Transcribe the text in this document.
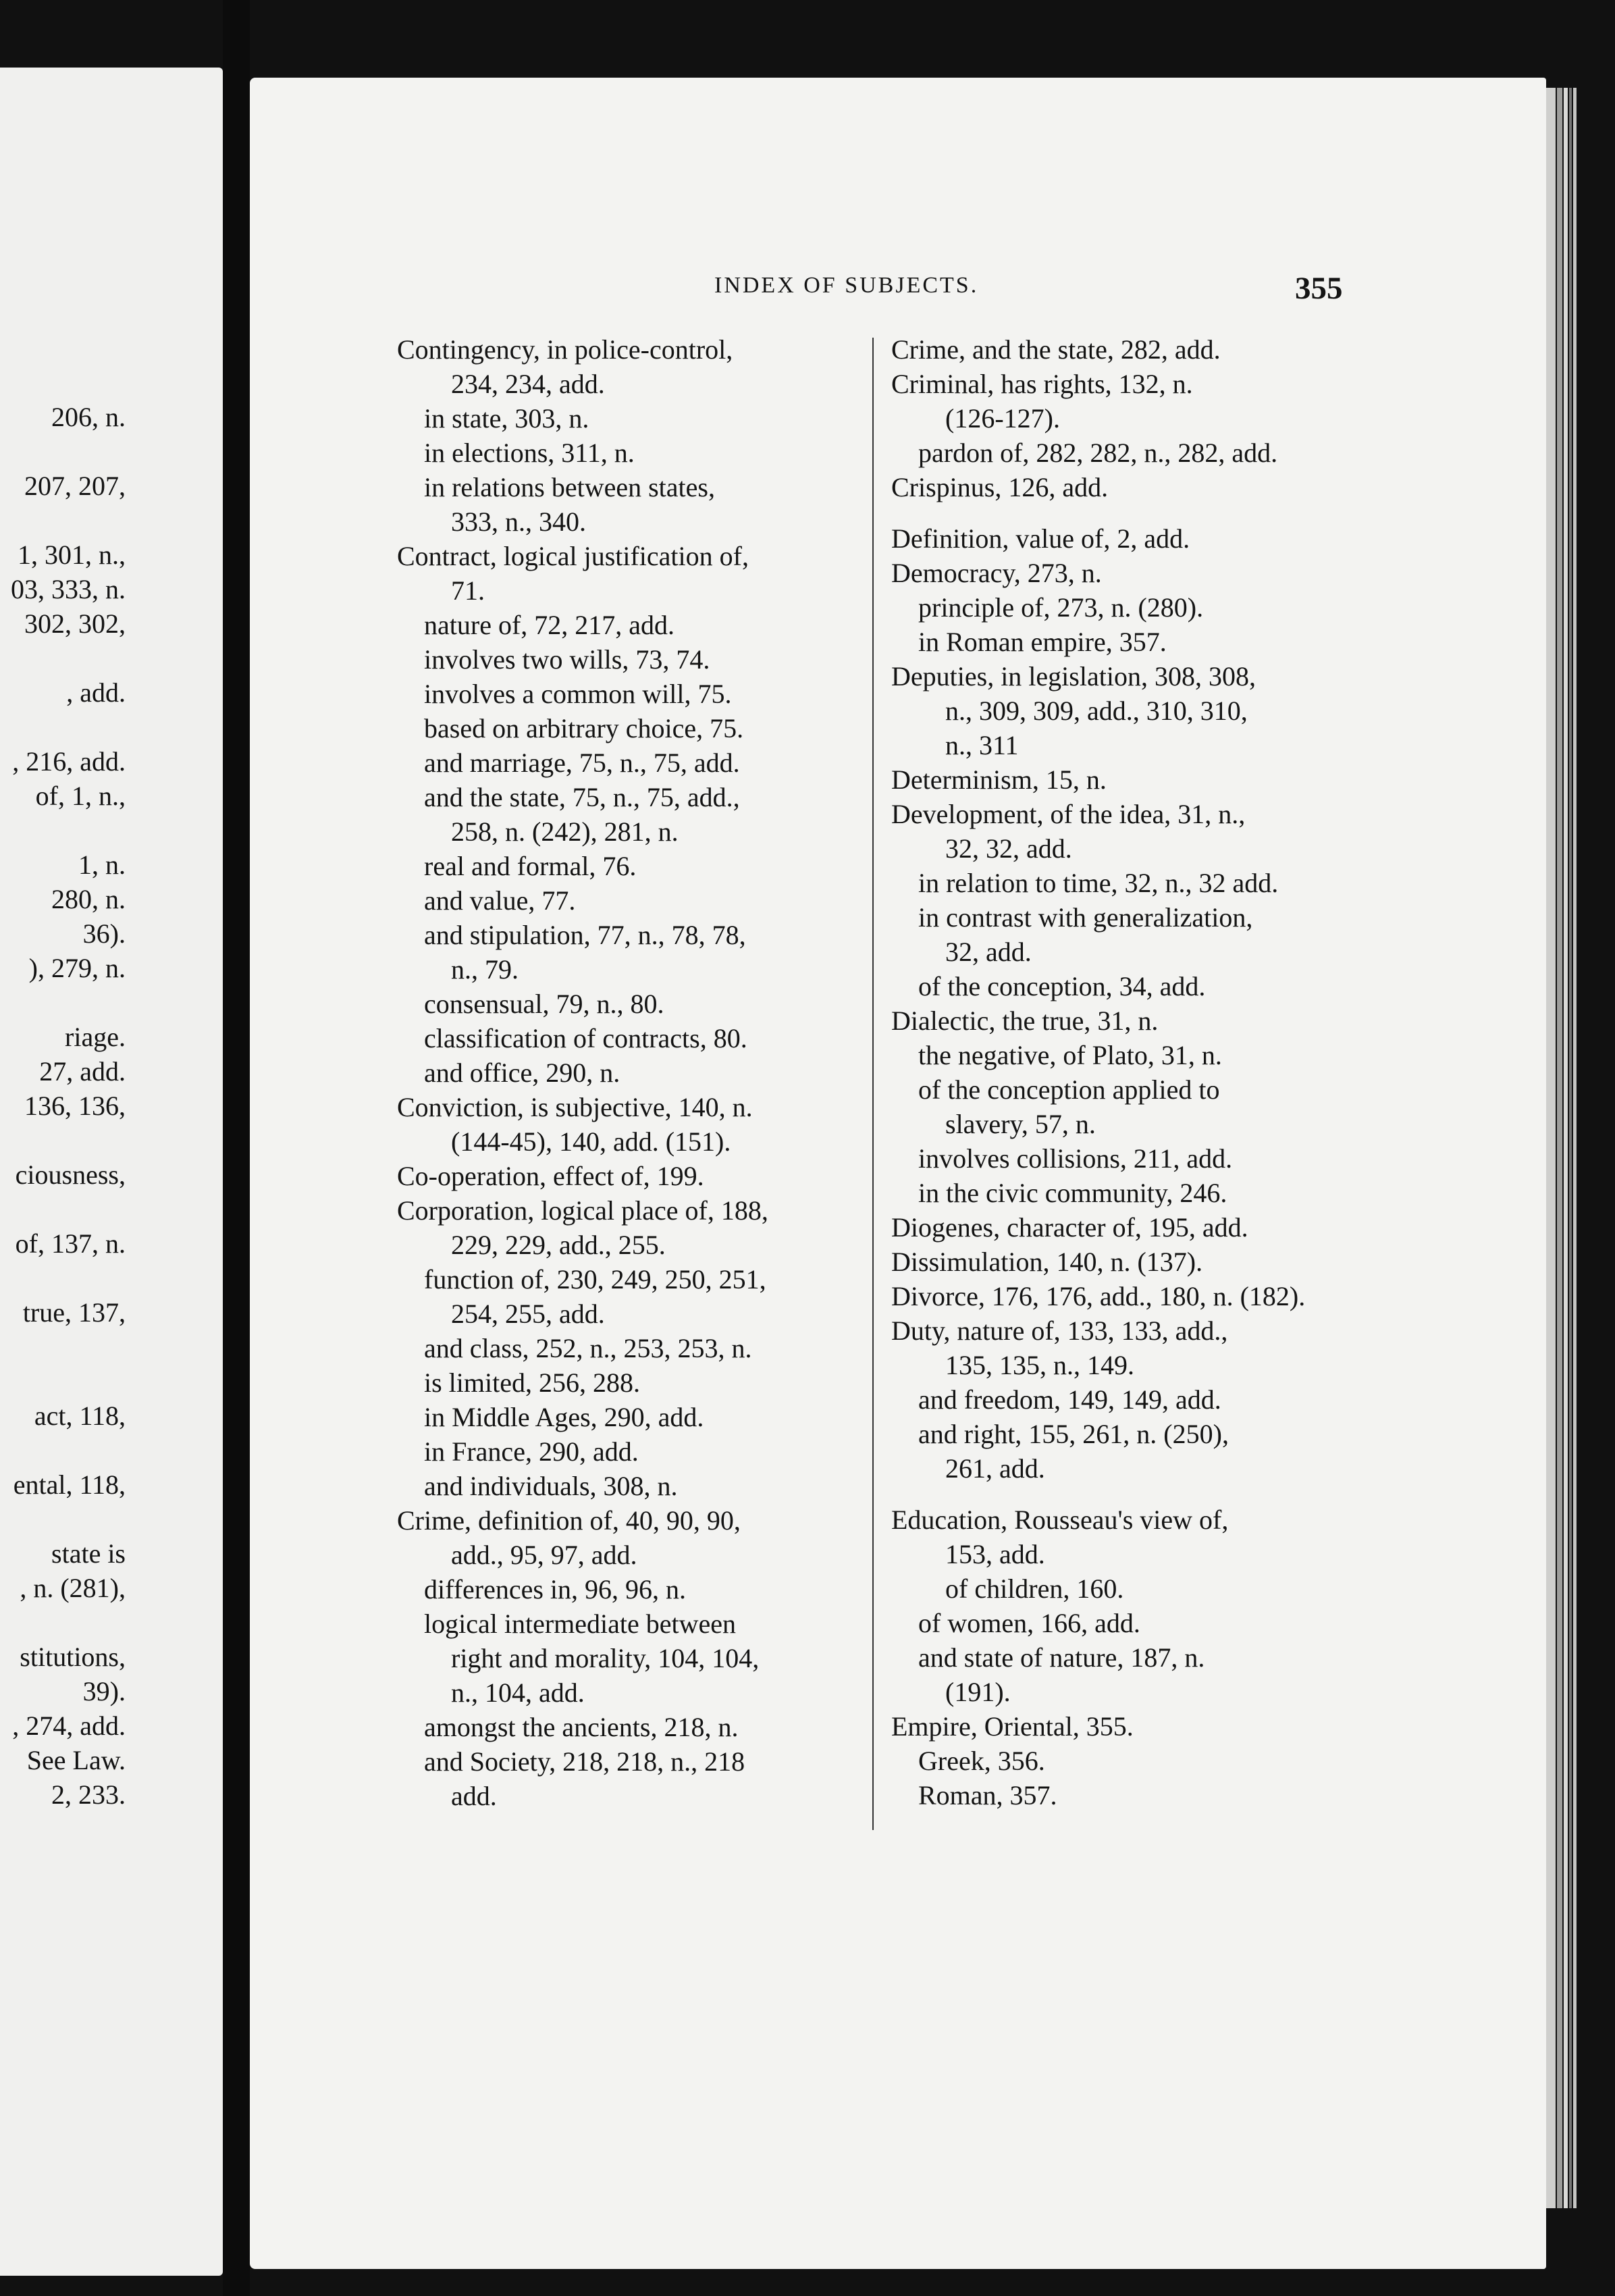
206, n.
207, 207,
1, 301, n.,
03, 333, n.
302, 302,
, add.
, 216, add.
of, 1, n.,
1, n.
280, n.
36).
), 279, n.
riage.
27, add.
136, 136,
ciousness,
of, 137, n.
true, 137,
act, 118,
ental, 118,
state is
, n. (281),
stitutions,
39).
, 274, add.
See Law.
2, 233.
INDEX OF SUBJECTS.	355
Contingency, in police-control,
234, 234, add.
in state, 303, n.
in elections, 311, n.
in relations between states,
333, n., 340.
Contract, logical justification of,
71.
nature of, 72, 217, add.
involves two wills, 73, 74.
involves a common will, 75.
based on arbitrary choice, 75.
and marriage, 75, n., 75, add.
and the state, 75, n., 75, add.,
258, n. (242), 281, n.
real and formal, 76.
and value, 77.
and stipulation, 77, n., 78, 78,
n., 79.
consensual, 79, n., 80.
classification of contracts, 80.
and office, 290, n.
Conviction, is subjective, 140, n.
(144-45), 140, add. (151).
Co-operation, effect of, 199.
Corporation, logical place of, 188,
229, 229, add., 255.
function of, 230, 249, 250, 251,
254, 255, add.
and class, 252, n., 253, 253, n.
is limited, 256, 288.
in Middle Ages, 290, add.
in France, 290, add.
and individuals, 308, n.
Crime, definition of, 40, 90, 90,
add., 95, 97, add.
differences in, 96, 96, n.
logical intermediate between
right and morality, 104, 104,
n., 104, add.
amongst the ancients, 218, n.
and Society, 218, 218, n., 218
add.
Crime, and the state, 282, add.
Criminal, has rights, 132, n.
(126-127).
pardon of, 282, 282, n., 282, add.
Crispinus, 126, add.
Definition, value of, 2, add.
Democracy, 273, n.
principle of, 273, n. (280).
in Roman empire, 357.
Deputies, in legislation, 308, 308,
n., 309, 309, add., 310, 310,
n., 311
Determinism, 15, n.
Development, of the idea, 31, n.,
32, 32, add.
in relation to time, 32, n., 32 add.
in contrast with generalization,
32, add.
of the conception, 34, add.
Dialectic, the true, 31, n.
the negative, of Plato, 31, n.
of the conception applied to
slavery, 57, n.
involves collisions, 211, add.
in the civic community, 246.
Diogenes, character of, 195, add.
Dissimulation, 140, n. (137).
Divorce, 176, 176, add., 180, n. (182).
Duty, nature of, 133, 133, add.,
135, 135, n., 149.
and freedom, 149, 149, add.
and right, 155, 261, n. (250),
261, add.
Education, Rousseau's view of,
153, add.
of children, 160.
of women, 166, add.
and state of nature, 187, n.
(191).
Empire, Oriental, 355.
Greek, 356.
Roman, 357.
